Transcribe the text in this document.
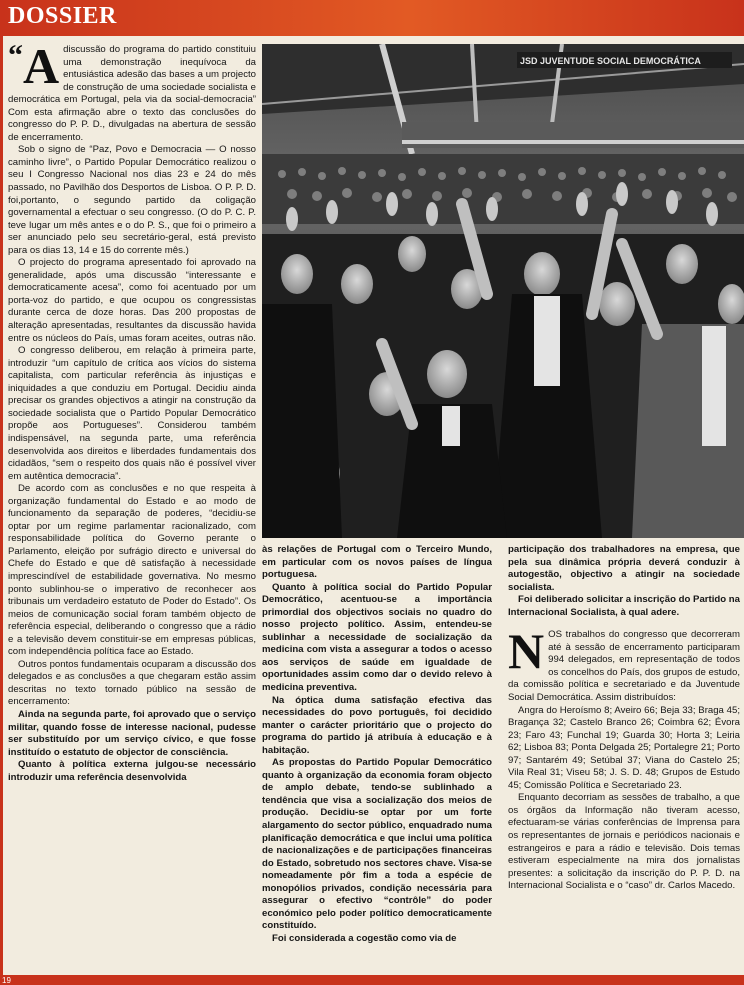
DOSSIER

“A discussão do programa do partido constituiu uma demonstração inequívoca da entusiástica adesão das bases a um projecto de construção de uma sociedade socialista e democrática em Portugal, pela via da social-democracia” Com esta afirmação abre o texto das conclusões do congresso do P. P. D., divulgadas na abertura de sessão de encerramento.

Sob o signo de “Paz, Povo e Democracia — O nosso caminho livre”, o Partido Popular Democrático realizou o seu I Congresso Nacional nos dias 23 e 24 do mês passado, no Pavilhão dos Desportos de Lisboa. O P. P. D. foi,portanto, o segundo partido da coligação governamental a efectuar o seu congresso. (O do P. C. P. teve lugar um mês antes e o do P. S., que foi o primeiro a ser anunciado pelo seu secretário-geral, está previsto para os dias 13, 14 e 15 do corrente mês.)

O projecto do programa apresentado foi aprovado na generalidade, após uma discussão “interessante e democraticamente acesa”, como foi acentuado por um porta-voz do partido, e que ocupou os congressistas durante cerca de doze horas. Das 200 propostas de alteração apresentadas, resultantes da discussão havida entre os núcleos do País, umas foram aceites, outras não.

O congresso deliberou, em relação à primeira parte, introduzir “um capítulo de crítica aos vícios do sistema capitalista, com particular referência às injustiças e iniquidades a que conduziu em Portugal. Decidiu ainda precisar os grandes objectivos a atingir na construção da sociedade socialista que o Partido Popular Democrático propõe aos Portugueses”. Considerou também indispensável, na segunda parte, uma referência desenvolvida aos direitos e liberdades fundamentais dos cidadãos, “sem o respeito dos quais não é possível viver em autêntica democracia”.

De acordo com as conclusões e no que respeita à organização fundamental do Estado e ao modo de funcionamento da separação de poderes, “decidiu-se optar por um regime parlamentar racionalizado, com responsabilidade política do Governo perante o Parlamento, eleição por sufrágio directo e universal do Chefe do Estado e que dê satisfação à necessidade imprescindível de estabilidade governativa. No mesmo ponto sublinhou-se o imperativo de reconhecer aos tribunais um verdadeiro estatuto de Poder do Estado”. Os meios de comunicação social foram também objecto de referência especial, deliberando o congresso que a rádio e a televisão devem constituir-se em empresas públicas, com independência política face ao Estado.

Outros pontos fundamentais ocuparam a discussão dos delegados e as conclusões a que chegaram estão assim descritas no texto tornado público na sessão de encerramento:

Ainda na segunda parte, foi aprovado que o serviço militar, quando fosse de interesse nacional, pudesse ser substituído por um serviço cívico, e que fosse instituído o estatuto de objector de consciência.

Quanto à política externa julgou-se necessário introduzir uma referência desenvolvida

JSD JUVENTUDE SOCIAL DEMOCRÁTICA

às relações de Portugal com o Terceiro Mundo, em particular com os novos países de língua portuguesa.

Quanto à política social do Partido Popular Democrático, acentuou-se a importância primordial dos objectivos sociais no quadro do nosso projecto político. Assim, entendeu-se sublinhar a necessidade de socialização da medicina com vista a assegurar a todos o acesso aos serviços de saúde em igualdade de oportunidades assim como dar o devido relevo à medicina preventiva.

Na óptica duma satisfação efectiva das necessidades do povo português, foi decidido manter o carácter prioritário que o projecto do programa do partido já atribuía à educação e à habitação.

As propostas do Partido Popular Democrático quanto à organização da economia foram objecto de amplo debate, tendo-se sublinhado a tendência que visa a socialização dos meios de produção. Decidiu-se optar por um forte alargamento do sector público, enquadrado numa planificação democrática e que inclui uma política de nacionalizações e de participações financeiras do Estado, sobretudo nos sectores chave. Visa-se nomeadamente pôr fim a toda a espécie de monopólios privados, condição necessária para assegurar o efectivo “contrôle” do poder económico pelo poder político democraticamente constituído.

Foi considerada a cogestão como via de

participação dos trabalhadores na empresa, que pela sua dinâmica própria deverá conduzir à autogestão, objectivo a atingir na sociedade socialista.

Foi deliberado solicitar a inscrição do Partido na Internacional Socialista, à qual adere.

NOS trabalhos do congresso que decorreram até à sessão de encerramento participaram 994 delegados, em representação de todos os concelhos do País, dos grupos de estudo, da comissão política e secretariado e da Juventude Social Democrática. Assim distribuídos:

Angra do Heroísmo 8; Aveiro 66; Beja 33; Braga 45; Bragança 32; Castelo Branco 26; Coimbra 62; Évora 23; Faro 43; Funchal 19; Guarda 30; Horta 3; Leiria 62; Lisboa 83; Ponta Delgada 25; Portalegre 21; Porto 97; Santarém 49; Setúbal 37; Viana do Castelo 25; Vila Real 31; Viseu 58; J. S. D. 48; Grupos de Estudo 45; Comissão Política e Secretariado 23.

Enquanto decorriam as sessões de trabalho, a que os órgãos da Informação não tiveram acesso, efectuaram-se várias conferências de Imprensa para os representantes de jornais e periódicos nacionais e estrangeiros e para a rádio e televisão. Dois temas estiveram especialmente na mira dos jornalistas presentes: a solicitação da inscrição do P. P. D. na Internacional Socialista e o “caso” dr. Carlos Macedo.

19
